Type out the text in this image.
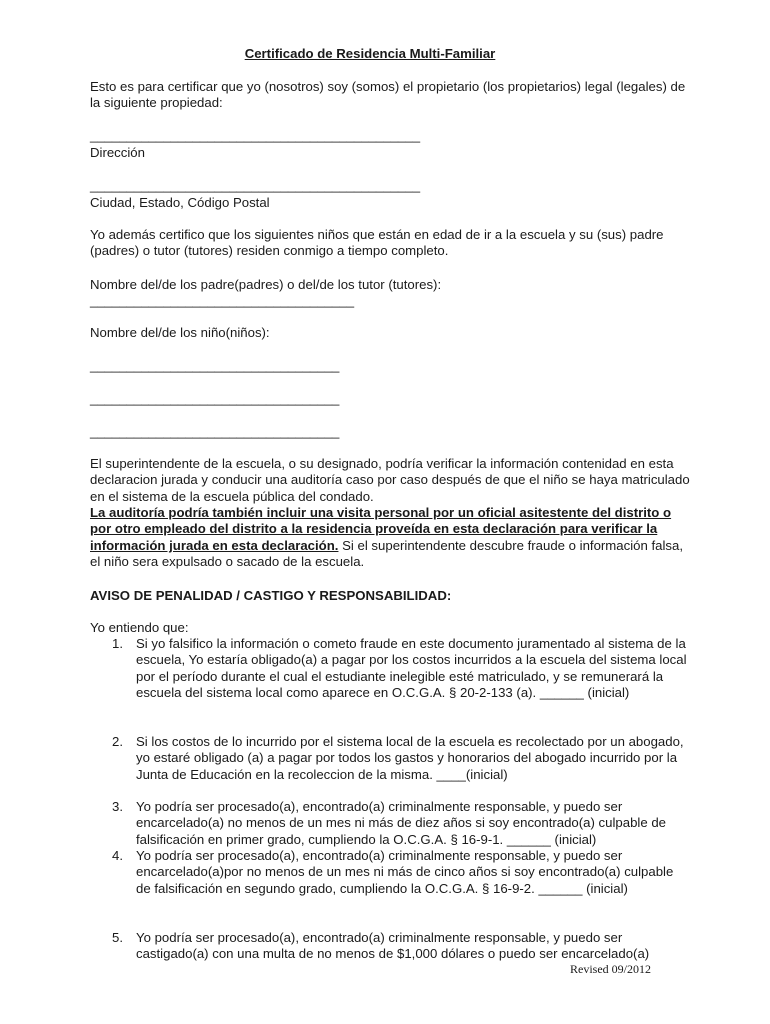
Certificado de Residencia Multi-Familiar

Esto es para certificar que yo (nosotros) soy (somos) el propietario (los propietarios) legal (legales) de la siguiente propiedad:

_____________________________________________

Dirección

_____________________________________________

Ciudad, Estado, Código Postal

Yo además certifico que los siguientes niños que están en edad de ir a la escuela y su (sus) padre (padres) o tutor (tutores) residen conmigo a tiempo completo.

Nombre del/de los padre(padres) o del/de los tutor (tutores):

____________________________________

Nombre del/de los niño(niños):

__________________________________

__________________________________

__________________________________

El superintendente de la escuela, o su designado, podría verificar la información contenidad en esta declaracion jurada y conducir una auditoría caso por caso después de que el niño se haya matriculado en el sistema de la escuela pública del condado.

La auditoría podría también incluir una visita personal por un oficial asitestente del distrito o por otro empleado del distrito a la residencia proveída en esta declaración para verificar la información jurada en esta declaración. Si el superintendente descubre fraude o información falsa, el niño sera expulsado o sacado de la escuela.

AVISO DE PENALIDAD / CASTIGO Y RESPONSABILIDAD:

Yo entiendo que:

1. Si yo falsifico la información o cometo fraude en este documento juramentado al sistema de la escuela, Yo estaría obligado(a) a pagar por los costos incurridos a la escuela del sistema local por el período durante el cual el estudiante inelegible esté matriculado, y se remunerará la escuela del sistema local como aparece en O.C.G.A. § 20-2-133 (a). ______ (inicial)
2. Si los costos de lo incurrido por el sistema local de la escuela es recolectado por un abogado, yo estaré obligado (a) a pagar por todos los gastos y honorarios del abogado incurrido por la Junta de Educación en la recoleccion de la misma. ____(inicial)
3. Yo podría ser procesado(a), encontrado(a) criminalmente responsable, y puedo ser encarcelado(a) no menos de un mes ni más de diez años si soy encontrado(a) culpable de falsificación en primer grado, cumpliendo la O.C.G.A. § 16-9-1. ______ (inicial)
4. Yo podría ser procesado(a), encontrado(a) criminalmente responsable, y puedo ser encarcelado(a)por no menos de un mes ni más de cinco años si soy encontrado(a) culpable de falsificación en segundo grado, cumpliendo la O.C.G.A. § 16-9-2. ______ (inicial)
5. Yo podría ser procesado(a), encontrado(a) criminalmente responsable, y puedo ser castigado(a) con una multa de no menos de $1,000 dólares o puedo ser encarcelado(a)
Revised 09/2012
